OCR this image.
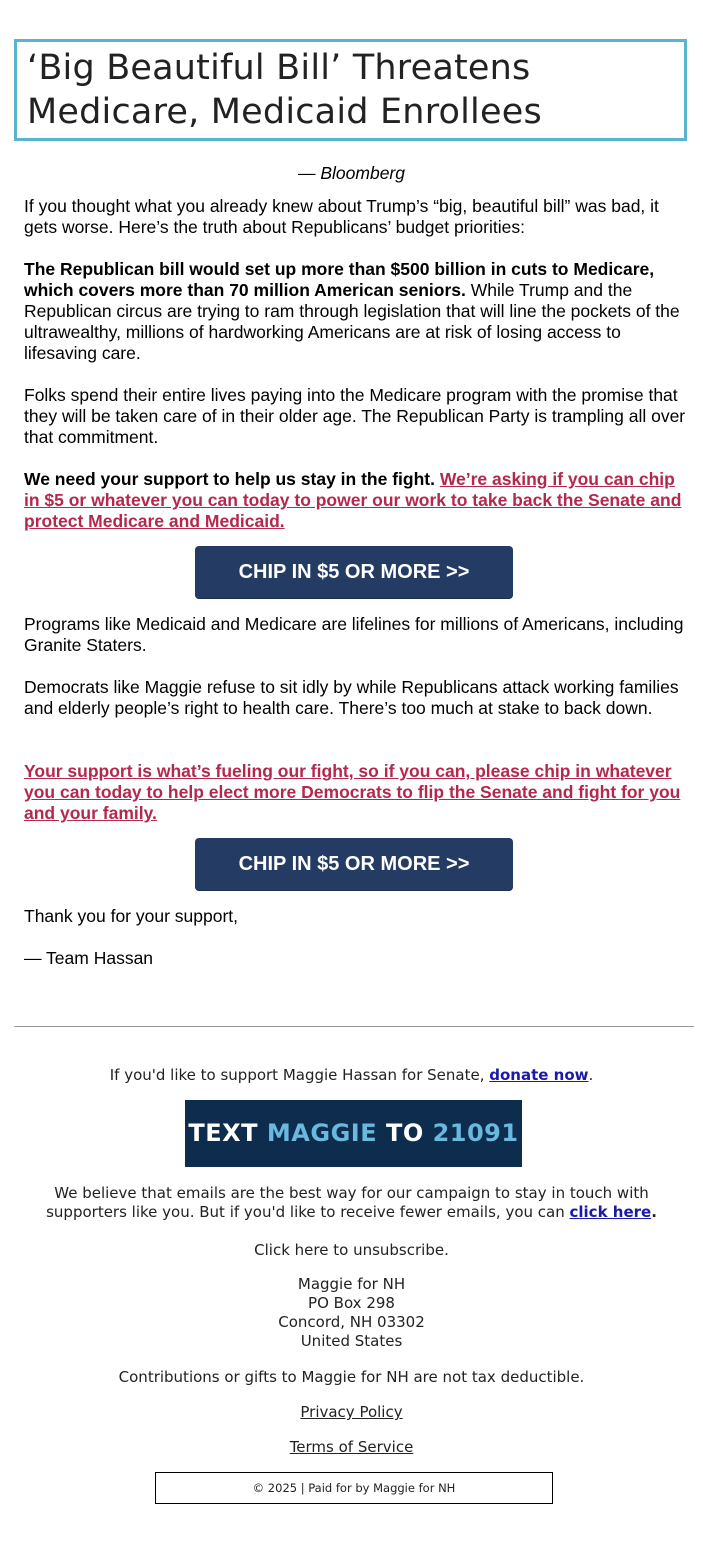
‘Big Beautiful Bill’ Threatens Medicare, Medicaid Enrollees
— Bloomberg
If you thought what you already knew about Trump’s “big, beautiful bill” was bad, it gets worse. Here’s the truth about Republicans’ budget priorities:
The Republican bill would set up more than $500 billion in cuts to Medicare, which covers more than 70 million American seniors. While Trump and the Republican circus are trying to ram through legislation that will line the pockets of the ultrawealthy, millions of hardworking Americans are at risk of losing access to lifesaving care.
Folks spend their entire lives paying into the Medicare program with the promise that they will be taken care of in their older age. The Republican Party is trampling all over that commitment.
We need your support to help us stay in the fight. We’re asking if you can chip in $5 or whatever you can today to power our work to take back the Senate and protect Medicare and Medicaid.
CHIP IN $5 OR MORE >>
Programs like Medicaid and Medicare are lifelines for millions of Americans, including Granite Staters.
Democrats like Maggie refuse to sit idly by while Republicans attack working families and elderly people’s right to health care. There’s too much at stake to back down.
Your support is what’s fueling our fight, so if you can, please chip in whatever you can today to help elect more Democrats to flip the Senate and fight for you and your family.
CHIP IN $5 OR MORE >>
Thank you for your support,
— Team Hassan
If you'd like to support Maggie Hassan for Senate, donate now.
TEXT MAGGIE TO 21091
We believe that emails are the best way for our campaign to stay in touch with supporters like you. But if you'd like to receive fewer emails, you can click here.
Click here to unsubscribe.
Maggie for NH
PO Box 298
Concord, NH 03302
United States
Contributions or gifts to Maggie for NH are not tax deductible.
Privacy Policy
Terms of Service
© 2025 | Paid for by Maggie for NH
